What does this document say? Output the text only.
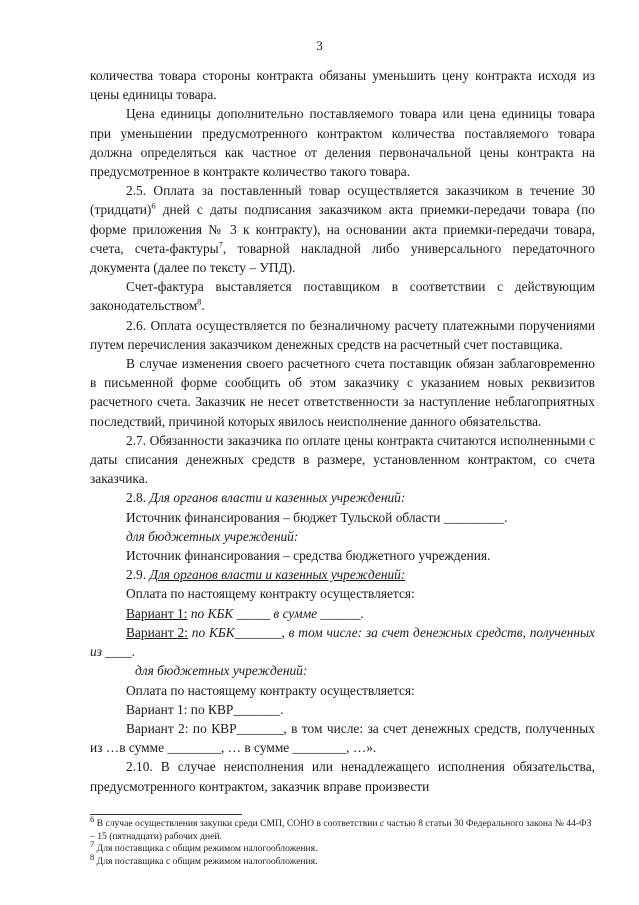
3

количества товара стороны контракта обязаны уменьшить цену контракта исходя из цены единицы товара.

Цена единицы дополнительно поставляемого товара или цена единицы товара при уменьшении предусмотренного контрактом количества поставляемого товара должна определяться как частное от деления первоначальной цены контракта на предусмотренное в контракте количество такого товара.

2.5. Оплата за поставленный товар осуществляется заказчиком в течение 30 (тридцати)$^6$ дней с даты подписания заказчиком акта приемки-передачи товара (по форме приложения № 3 к контракту), на основании акта приемки-передачи товара, счета, счета-фактуры$^7$, товарной накладной либо универсального передаточного документа (далее по тексту – УПД).

Счет-фактура выставляется поставщиком в соответствии с действующим законодательством$^8$.

2.6. Оплата осуществляется по безналичному расчету платежными поручениями путем перечисления заказчиком денежных средств на расчетный счет поставщика.

В случае изменения своего расчетного счета поставщик обязан заблаговременно в письменной форме сообщить об этом заказчику с указанием новых реквизитов расчетного счета. Заказчик не несет ответственности за наступление неблагоприятных последствий, причиной которых явилось неисполнение данного обязательства.

2.7. Обязанности заказчика по оплате цены контракта считаются исполненными с даты списания денежных средств в размере, установленном контрактом, со счета заказчика.

2.8. Для органов власти и казенных учреждений:

Источник финансирования – бюджет Тульской области _________.

для бюджетных учреждений:

Источник финансирования – средства бюджетного учреждения.

2.9. Для органов власти и казенных учреждений:

Оплата по настоящему контракту осуществляется:

Вариант 1: по КБК _____ в сумме ______.

Вариант 2: по КБК_______, в том числе: за счет денежных средств, полученных из ____.

для бюджетных учреждений:

Оплата по настоящему контракту осуществляется:

Вариант 1: по КВР_______.

Вариант 2: по КВР_______, в том числе: за счет денежных средств, полученных из …в сумме ________, … в сумме ________, …».

2.10. В случае неисполнения или ненадлежащего исполнения обязательства, предусмотренного контрактом, заказчик вправе произвести

$^6$ В случае осуществления закупки среди СМП, СОНО в соответствии с частью 8 статьи 30 Федерального закона № 44-ФЗ – 15 (пятнадцати) рабочих дней.

$^7$ Для поставщика с общим режимом налогообложения.

$^8$ Для поставщика с общим режимом налогообложения.
